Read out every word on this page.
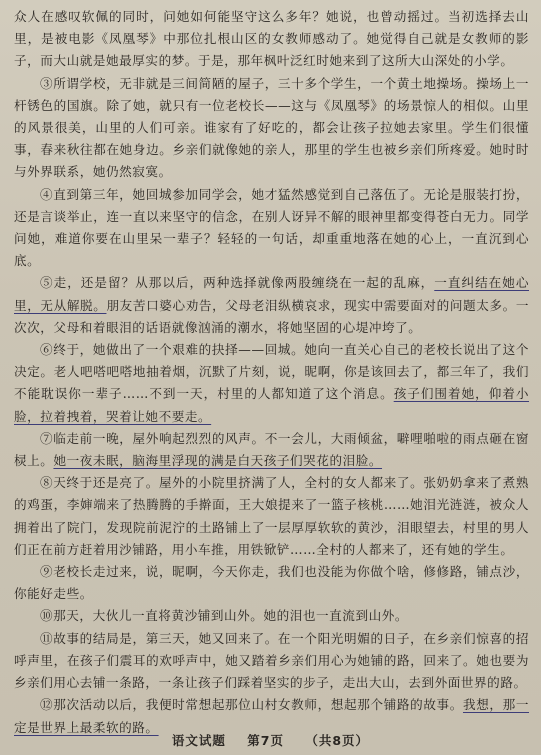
众人在感叹软佩的同时，问她如何能坚守这么多年？她说，也曾动摇过。当初选择去山里，是被电影《凤凰琴》中那位扎根山区的女教师感动了。她觉得自己就是女教师的影子，而大山就是她最厚实的梦。于是，那年枫叶泛红时她来到了这所大山深处的小学。

③所谓学校，无非就是三间简陋的屋子，三十多个学生，一个黄土地操场。操场上一杆锈色的国旗。除了她，就只有一位老校长——这与《凤凰琴》的场景惊人的相似。山里的风景很美，山里的人们可亲。谁家有了好吃的，都会让孩子拉她去家里。学生们很懂事，春来秋往都在她身边。乡亲们就像她的亲人，那里的学生也被乡亲们所疼爱。她时时与外界联系，她仍然寂寞。

④直到第三年，她回城参加同学会，她才猛然感觉到自己落伍了。无论是服装打扮，还是言谈举止，连一直以来坚守的信念，在别人讶异不解的眼神里都变得苍白无力。同学问她，难道你要在山里呆一辈子？轻轻的一句话，却重重地落在她的心上，一直沉到心底。

⑤走，还是留？从那以后，两种选择就像两股缠绕在一起的乱麻，一直纠结在她心里，无从解脱。朋友苦口婆心劝告，父母老泪纵横哀求，现实中需要面对的问题太多。一次次，父母和着眼泪的话语就像汹涌的潮水，将她坚固的心堤冲垮了。

⑥终于，她做出了一个艰难的抉择——回城。她向一直关心自己的老校长说出了这个决定。老人吧嗒吧嗒地抽着烟，沉默了片刻，说，昵啊，你是该回去了，都三年了，我们不能耽误你一辈子……不到一天，村里的人都知道了这个消息。孩子们围着她，仰着小脸，拉着拽着，哭着让她不要走。

⑦临走前一晚，屋外响起烈烈的风声。不一会儿，大雨倾盆，噼哩啪啦的雨点砸在窗棂上。她一夜未眠，脑海里浮现的满是白天孩子们哭花的泪脸。

⑧天终于还是亮了。屋外的小院里挤满了人，全村的女人都来了。张奶奶拿来了煮熟的鸡蛋，李婶端来了热腾腾的手擀面，王大娘提来了一篮子核桃……她泪光涟涟，被众人拥着出了院门，发现院前泥泞的土路铺上了一层厚厚软软的黄沙，泪眼望去，村里的男人们正在前方赶着用沙铺路，用小车推，用铁锨铲……全村的人都来了，还有她的学生。

⑨老校长走过来，说，昵啊，今天你走，我们也没能为你做个啥，修修路，铺点沙，你能好走些。

⑩那天，大伙儿一直将黄沙铺到山外。她的泪也一直流到山外。

⑪故事的结局是，第三天，她又回来了。在一个阳光明媚的日子，在乡亲们惊喜的招呼声里，在孩子们震耳的欢呼声中，她又踏着乡亲们用心为她铺的路，回来了。她也要为乡亲们用心去铺一条路，一条让孩子们踩着坚实的步子，走出大山，去到外面世界的路。

⑫那次活动以后，我便时常想起那位山村女教师，想起那个铺路的故事。我想，那一定是世界上最柔软的路。

语文试题 第7页 （共8页）
